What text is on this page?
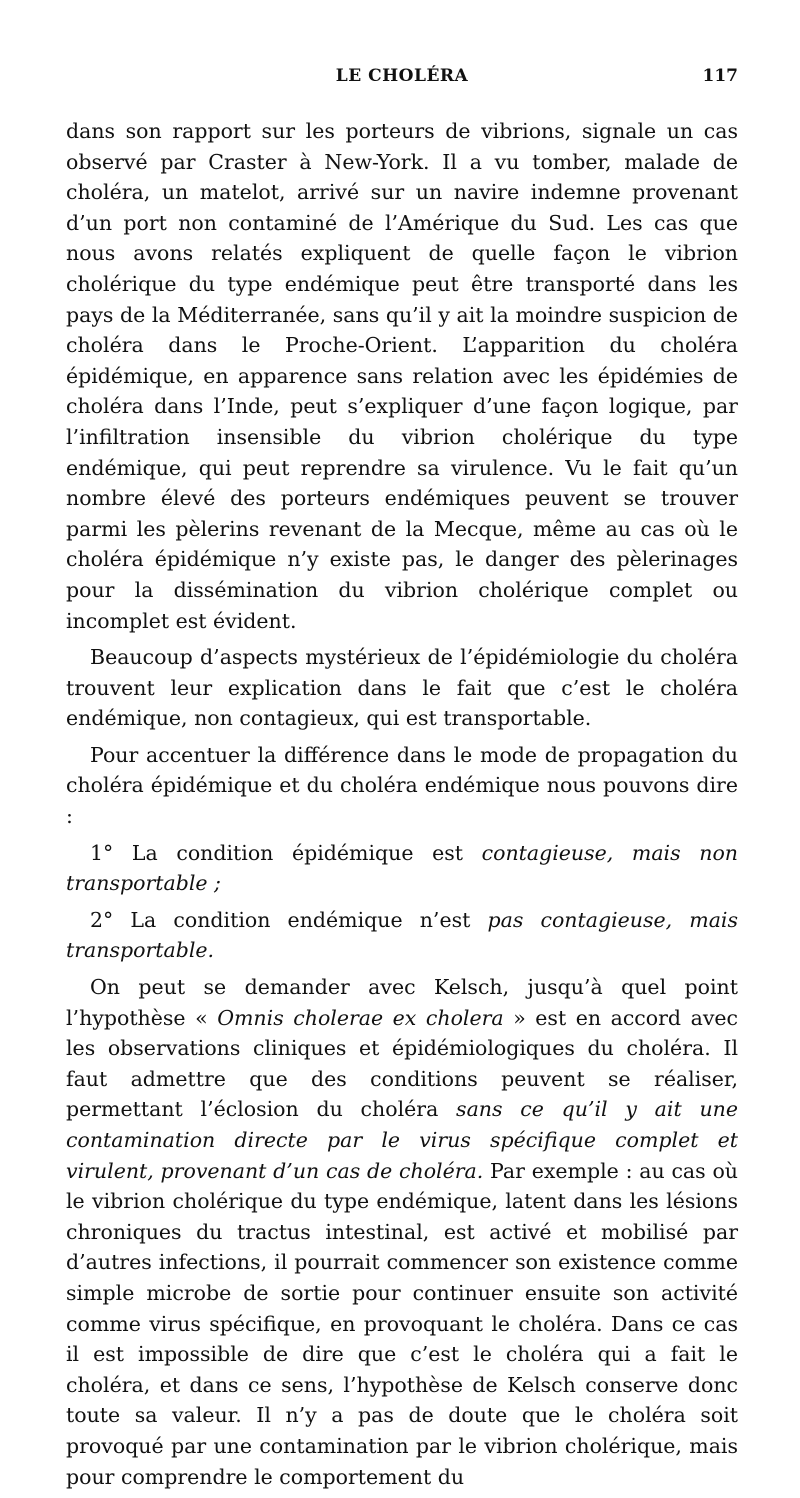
LE CHOLÉRA	117

dans son rapport sur les porteurs de vibrions, signale un cas observé par Craster à New-York. Il a vu tomber, malade de choléra, un matelot, arrivé sur un navire indemne provenant d’un port non contaminé de l’Amérique du Sud. Les cas que nous avons relatés expliquent de quelle façon le vibrion cholérique du type endémique peut être transporté dans les pays de la Méditerranée, sans qu’il y ait la moindre suspicion de choléra dans le Proche-Orient. L’apparition du choléra épidémique, en apparence sans relation avec les épidémies de choléra dans l’Inde, peut s’expliquer d’une façon logique, par l’infiltration insensible du vibrion cholérique du type endémique, qui peut reprendre sa virulence. Vu le fait qu’un nombre élevé des porteurs endémiques peuvent se trouver parmi les pèlerins revenant de la Mecque, même au cas où le choléra épidémique n’y existe pas, le danger des pèlerinages pour la dissémination du vibrion cholérique complet ou incomplet est évident.

Beaucoup d’aspects mystérieux de l’épidémiologie du choléra trouvent leur explication dans le fait que c’est le choléra endémique, non contagieux, qui est transportable.

Pour accentuer la différence dans le mode de propagation du choléra épidémique et du choléra endémique nous pouvons dire :

1° La condition épidémique est contagieuse, mais non transportable ;

2° La condition endémique n’est pas contagieuse, mais transportable.

On peut se demander avec Kelsch, jusqu’à quel point l’hypothèse « Omnis cholerae ex cholera » est en accord avec les observations cliniques et épidémiologiques du choléra. Il faut admettre que des conditions peuvent se réaliser, permettant l’éclosion du choléra sans ce qu’il y ait une contamination directe par le virus spécifique complet et virulent, provenant d’un cas de choléra. Par exemple : au cas où le vibrion cholérique du type endémique, latent dans les lésions chroniques du tractus intestinal, est activé et mobilisé par d’autres infections, il pourrait commencer son existence comme simple microbe de sortie pour continuer ensuite son activité comme virus spécifique, en provoquant le choléra. Dans ce cas il est impossible de dire que c’est le choléra qui a fait le choléra, et dans ce sens, l’hypothèse de Kelsch conserve donc toute sa valeur. Il n’y a pas de doute que le choléra soit provoqué par une contamination par le vibrion cholérique, mais pour comprendre le comportement du
